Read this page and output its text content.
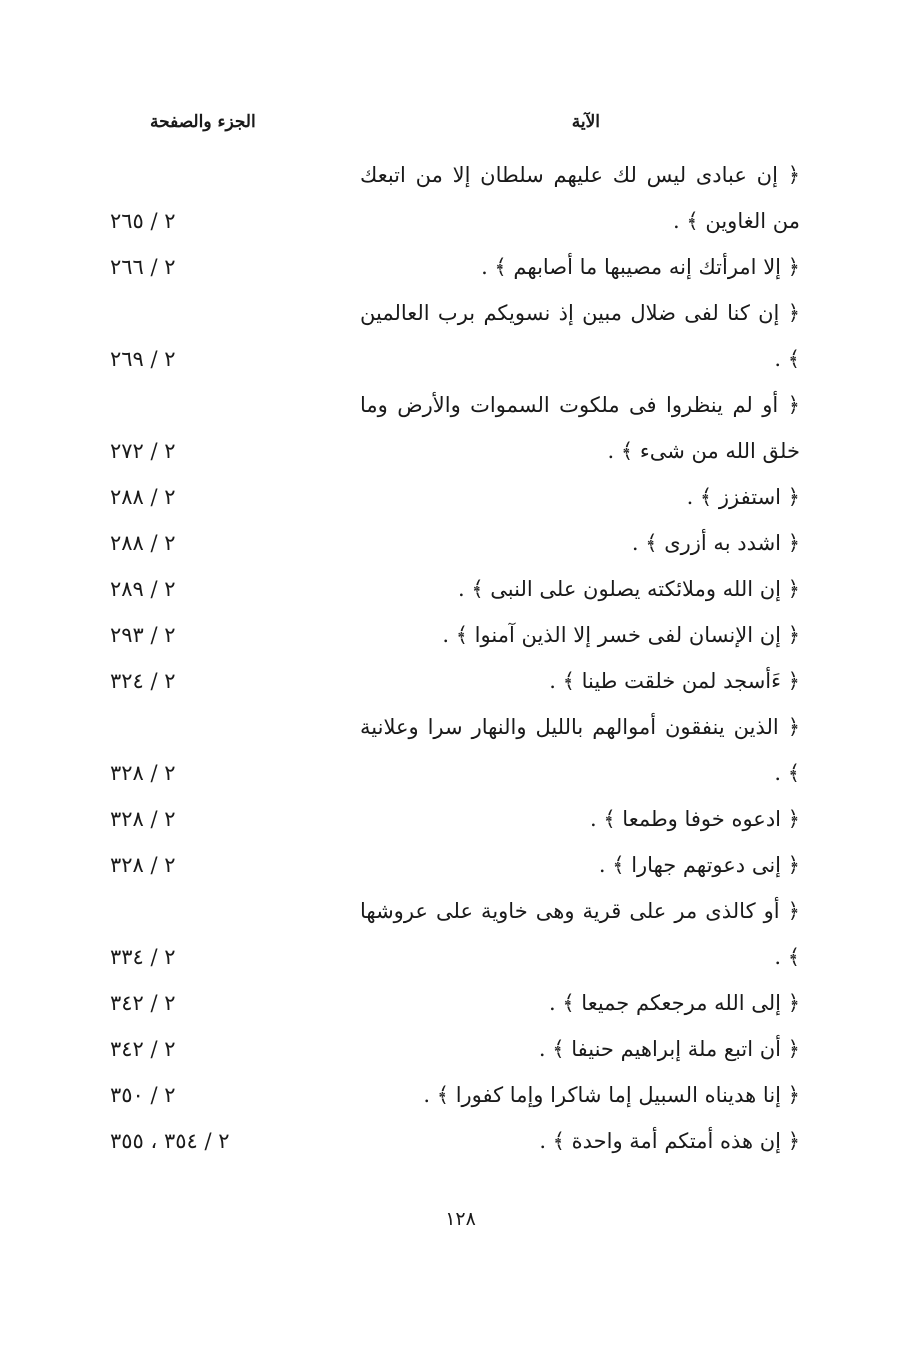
الآية
الجزء والصفحة
﴿ إن عبادى ليس لك عليهم سلطان إلا من اتبعك من الغاوين ﴾ .
٢ / ٢٦٥
﴿ إلا امرأتك إنه مصيبها ما أصابهم ﴾ .
٢ / ٢٦٦
﴿ إن كنا لفى ضلال مبين إذ نسويكم برب العالمين ﴾ .
٢ / ٢٦٩
﴿ أو لم ينظروا فى ملكوت السموات والأرض وما خلق الله من شىء ﴾ .
٢ / ٢٧٢
﴿ استفزز ﴾ .
٢ / ٢٨٨
﴿ اشدد به أزرى ﴾ .
٢ / ٢٨٨
﴿ إن الله وملائكته يصلون على النبى ﴾ .
٢ / ٢٨٩
﴿ إن الإنسان لفى خسر إلا الذين آمنوا ﴾ .
٢ / ٢٩٣
﴿ ءَأسجد لمن خلقت طينا ﴾ .
٢ / ٣٢٤
﴿ الذين ينفقون أموالهم بالليل والنهار سرا وعلانية ﴾ .
٢ / ٣٢٨
﴿ ادعوه خوفا وطمعا ﴾ .
٢ / ٣٢٨
﴿ إنى دعوتهم جهارا ﴾ .
٢ / ٣٢٨
﴿ أو كالذى مر على قرية وهى خاوية على عروشها ﴾ .
٢ / ٣٣٤
﴿ إلى الله مرجعكم جميعا ﴾ .
٢ / ٣٤٢
﴿ أن اتبع ملة إبراهيم حنيفا ﴾ .
٢ / ٣٤٢
﴿ إنا هديناه السبيل إما شاكرا وإما كفورا ﴾ .
٢ / ٣٥٠
﴿ إن هذه أمتكم أمة واحدة ﴾ .
٢ / ٣٥٤ ، ٣٥٥
١٢٨
